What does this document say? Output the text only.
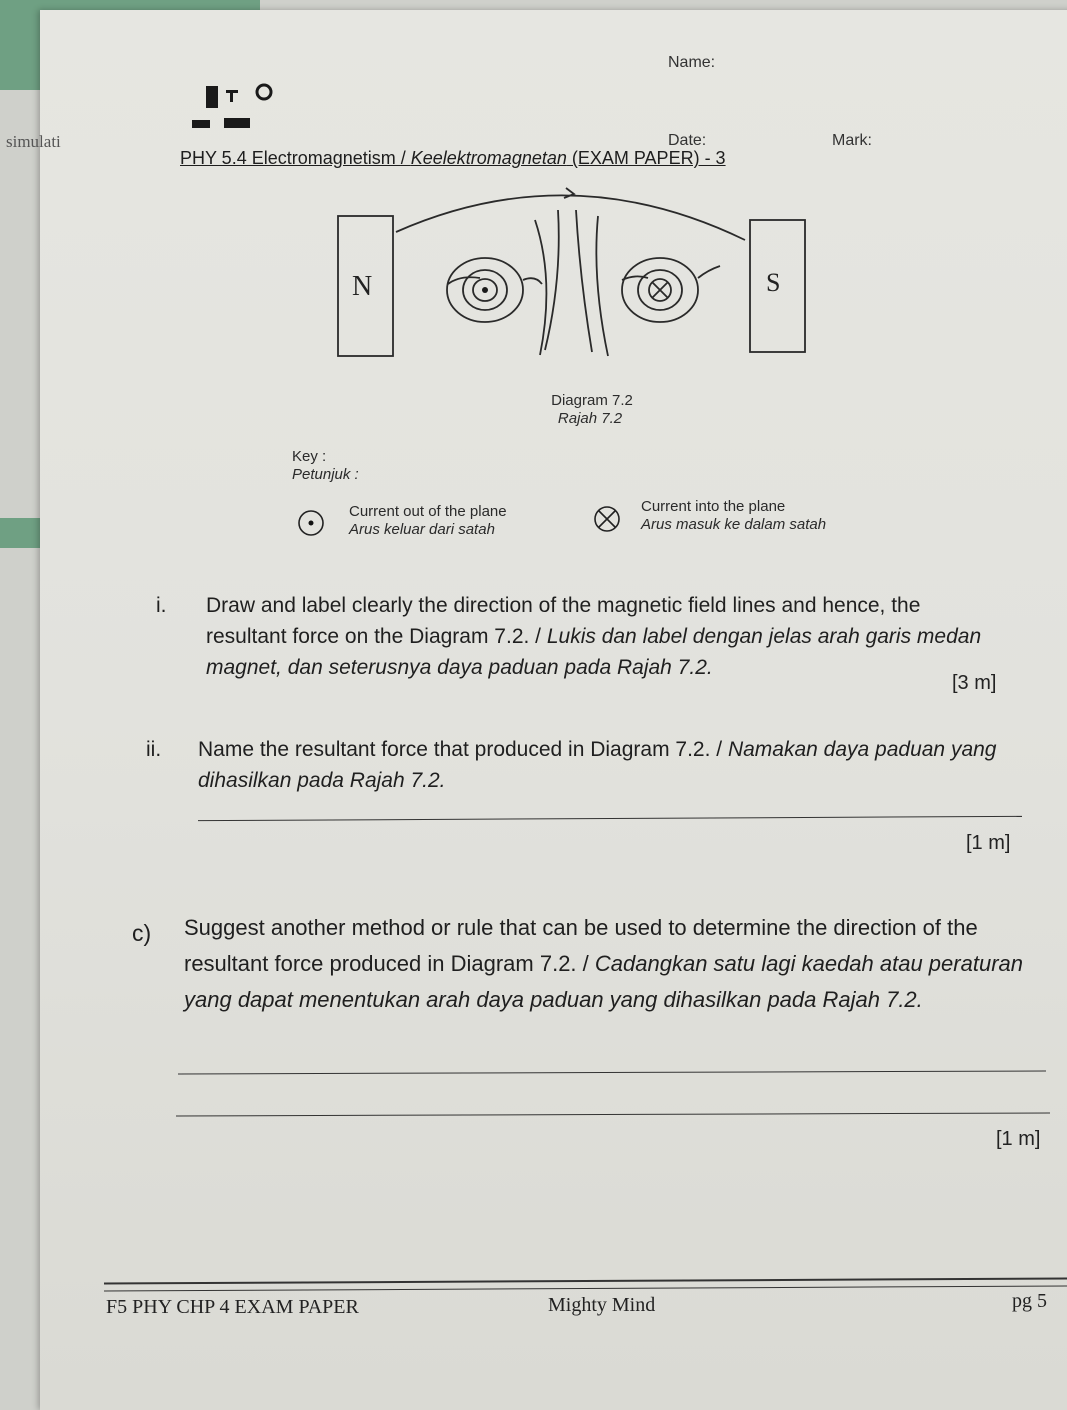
simulati
Name:
Date:	Mark:
PHY 5.4 Electromagnetism / Keelektromagnetan (EXAM PAPER) - 3
N	S
Diagram 7.2
Rajah 7.2
Key :
Petunjuk :
Current out of the plane
Arus keluar dari satah
Current into the plane
Arus masuk ke dalam satah
i. Draw and label clearly the direction of the magnetic field lines and hence, the resultant force on the Diagram 7.2. / Lukis dan label dengan jelas arah garis medan magnet, dan seterusnya daya paduan pada Rajah 7.2.
[3 m]
ii. Name the resultant force that produced in Diagram 7.2. / Namakan daya paduan yang dihasilkan pada Rajah 7.2.
[1 m]
c) Suggest another method or rule that can be used to determine the direction of the resultant force produced in Diagram 7.2. / Cadangkan satu lagi kaedah atau peraturan yang dapat menentukan arah daya paduan yang dihasilkan pada Rajah 7.2.
[1 m]
F5 PHY CHP 4 EXAM PAPER	Mighty Mind	pg 5
